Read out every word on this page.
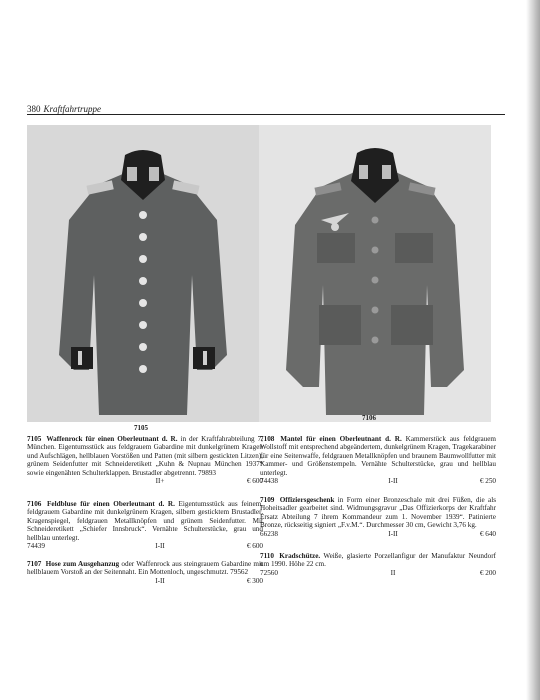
380 Kraftfahrtruppe
7105
7106
7105 Waffenrock für einen Oberleutnant d. R. in der Kraftfahrabteilung 7, München. Eigentumsstück aus feldgrauem Gabardine mit dunkelgrünem Kragen und Aufschlägen, hellblauen Vorstößen und Patten (mit silbern gestickten Litzen), grünem Seidenfutter mit Schneideretikett „Kuhn & Nupnau München 1937“ sowie eingenähten Schulterklappen. Brustadler abgetrennt. 79893
II+	€ 600
7106 Feldbluse für einen Oberleutnant d. R. Eigentumsstück aus feinem, feldgrauem Gabardine mit dunkelgrünem Kragen, silbern gesticktem Brustadler, Kragenspiegel, feldgrauen Metallknöpfen und grünem Seidenfutter. Mit Schneideretikett „Schiefer Innsbruck“. Vernähte Schulterstücke, grau und hellblau unterlegt.
74439	I-II	€ 600
7107 Hose zum Ausgehanzug oder Waffenrock aus steingrauem Gabardine mit hellblauem Vorstoß an der Seitennaht. Ein Mottenloch, ungeschmutzt. 79562
I-II	€ 300
7108 Mantel für einen Oberleutnant d. R. Kammerstück aus feldgrauem Wollstoff mit entsprechend abgeändertem, dunkelgrünem Kragen, Tragekarabiner für eine Seitenwaffe, feldgrauen Metallknöpfen und braunem Baumwollfutter mit Kammer- und Größenstempeln. Vernähte Schulterstücke, grau und hellblau unterlegt.
74438	I-II	€ 250
7109 Offiziersgeschenk in Form einer Bronzeschale mit drei Füßen, die als Hoheitsadler gearbeitet sind. Widmungsgravur „Das Offizierkorps der Kraftfahr Ersatz Abteilung 7 ihrem Kommandeur zum 1. November 1939“. Patinierte Bronze, rückseitig signiert „F.v.M.“. Durchmesser 30 cm, Gewicht 3,76 kg.
66238	I-II	€ 640
7110 Kradschütze. Weiße, glasierte Porzellanfigur der Manufaktur Neundorf um 1990. Höhe 22 cm.
72560	II	€ 200
